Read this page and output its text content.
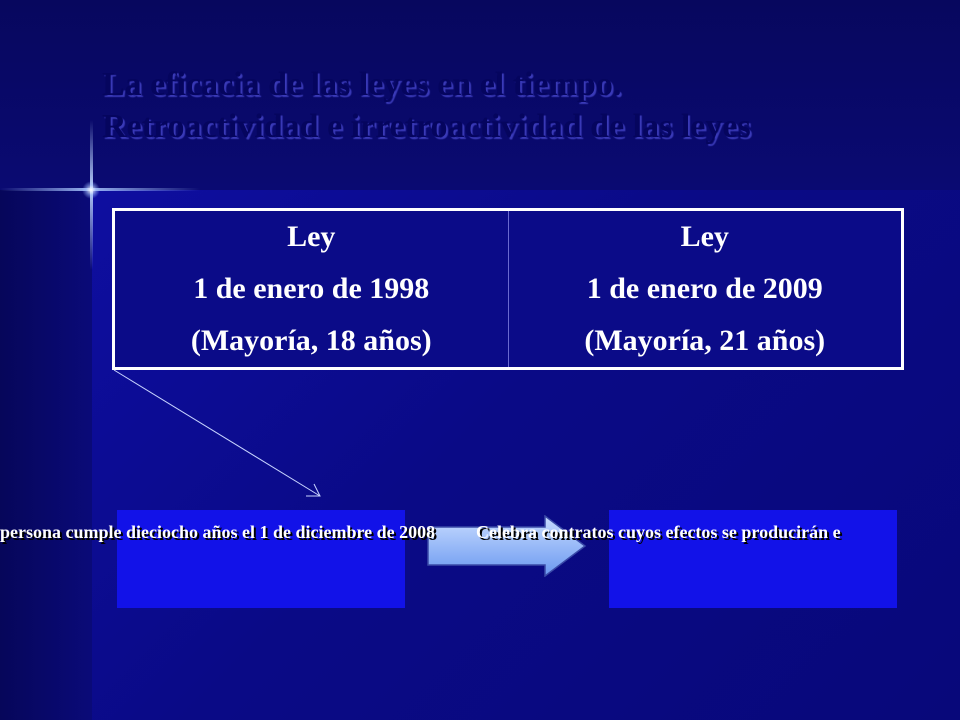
La eficacia de las leyes en el tiempo.
Retroactividad e irretroactividad de las leyes
Ley
1 de enero de 1998
(Mayoría, 18 años)
Ley
1 de enero de 2009
(Mayoría, 21 años)
persona cumple dieciocho años el 1 de diciembre de 2008 Celebra contratos cuyos efectos se producirán e
